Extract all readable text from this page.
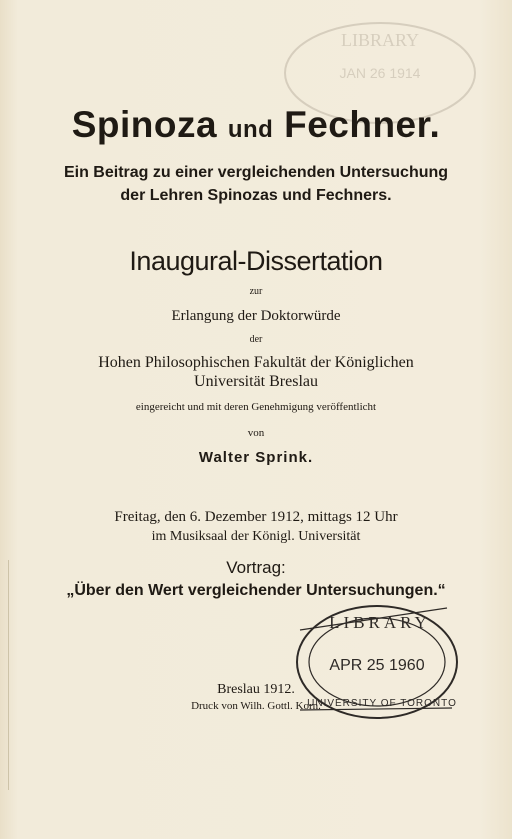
LIBRARY
JAN 26 1914
Spinoza und Fechner.
Ein Beitrag zu einer vergleichenden Untersuchung
der Lehren Spinozas und Fechners.
Inaugural-Dissertation
zur
Erlangung der Doktorwürde
der
Hohen Philosophischen Fakultät der Königlichen
Universität Breslau
eingereicht und mit deren Genehmigung veröffentlicht
von
Walter Sprink.
Freitag, den 6. Dezember 1912, mittags 12 Uhr
im Musiksaal der Königl. Universität
Vortrag:
„Über den Wert vergleichender Untersuchungen.“
Breslau 1912.
Druck von Wilh. Gottl. Korn.
LIBRARY
APR 25 1960
UNIVERSITY OF TORONTO
